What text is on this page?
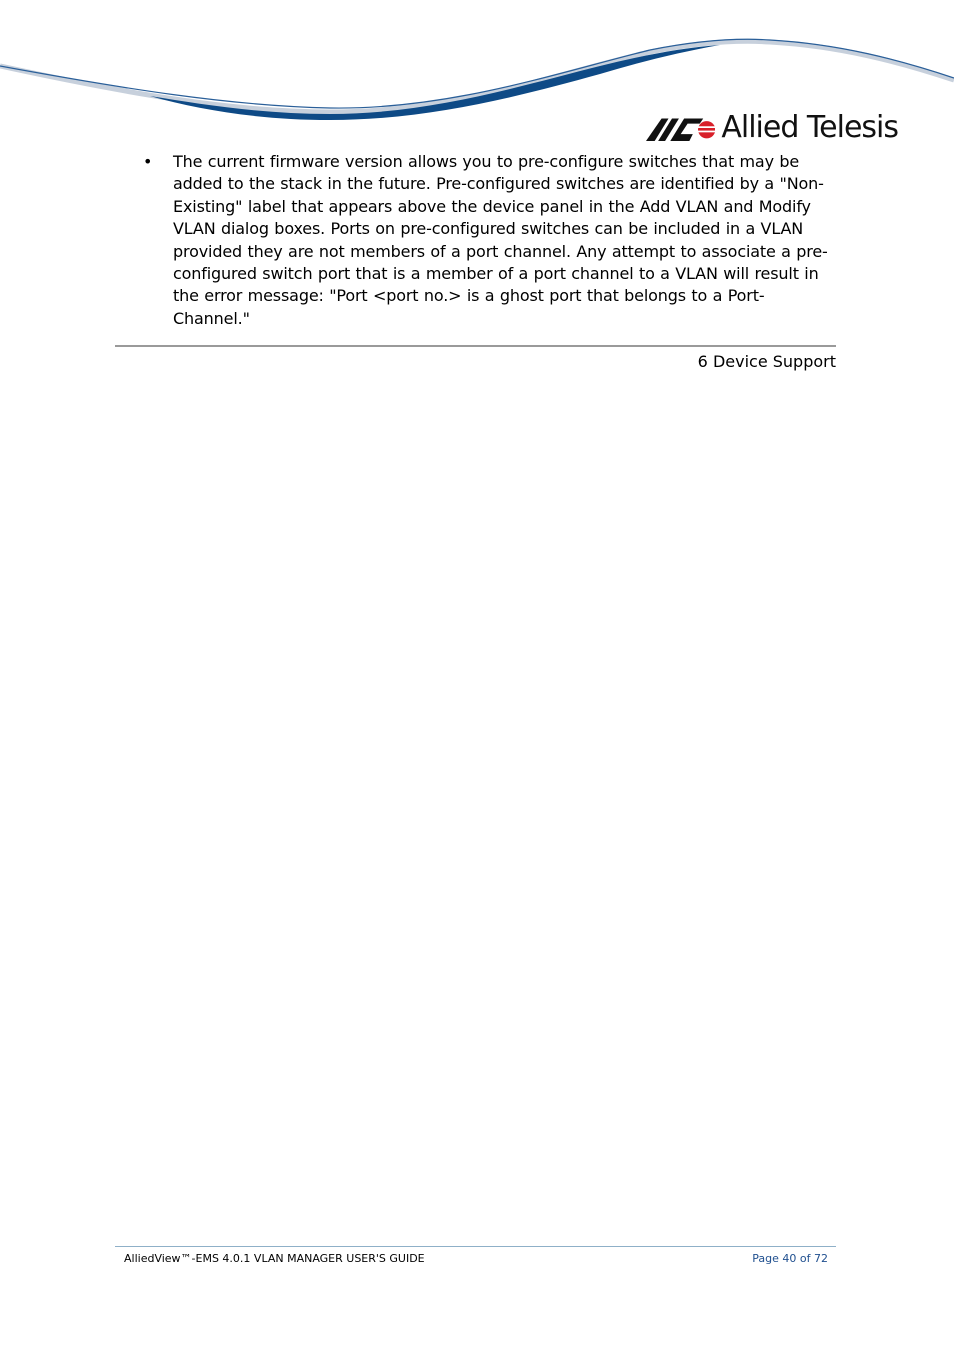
Allied Telesis
•	The current firmware version allows you to pre-configure switches that may be added to the stack in the future. Pre-configured switches are identified by a "Non-Existing" label that appears above the device panel in the Add VLAN and Modify VLAN dialog boxes. Ports on pre-configured switches can be included in a VLAN provided they are not members of a port channel. Any attempt to associate a pre-configured switch port that is a member of a port channel to a VLAN will result in the error message: "Port <port no.> is a ghost port that belongs to a Port-Channel."
6 Device Support
AlliedView™-EMS 4.0.1 VLAN MANAGER USER'S GUIDE	Page 40 of 72
